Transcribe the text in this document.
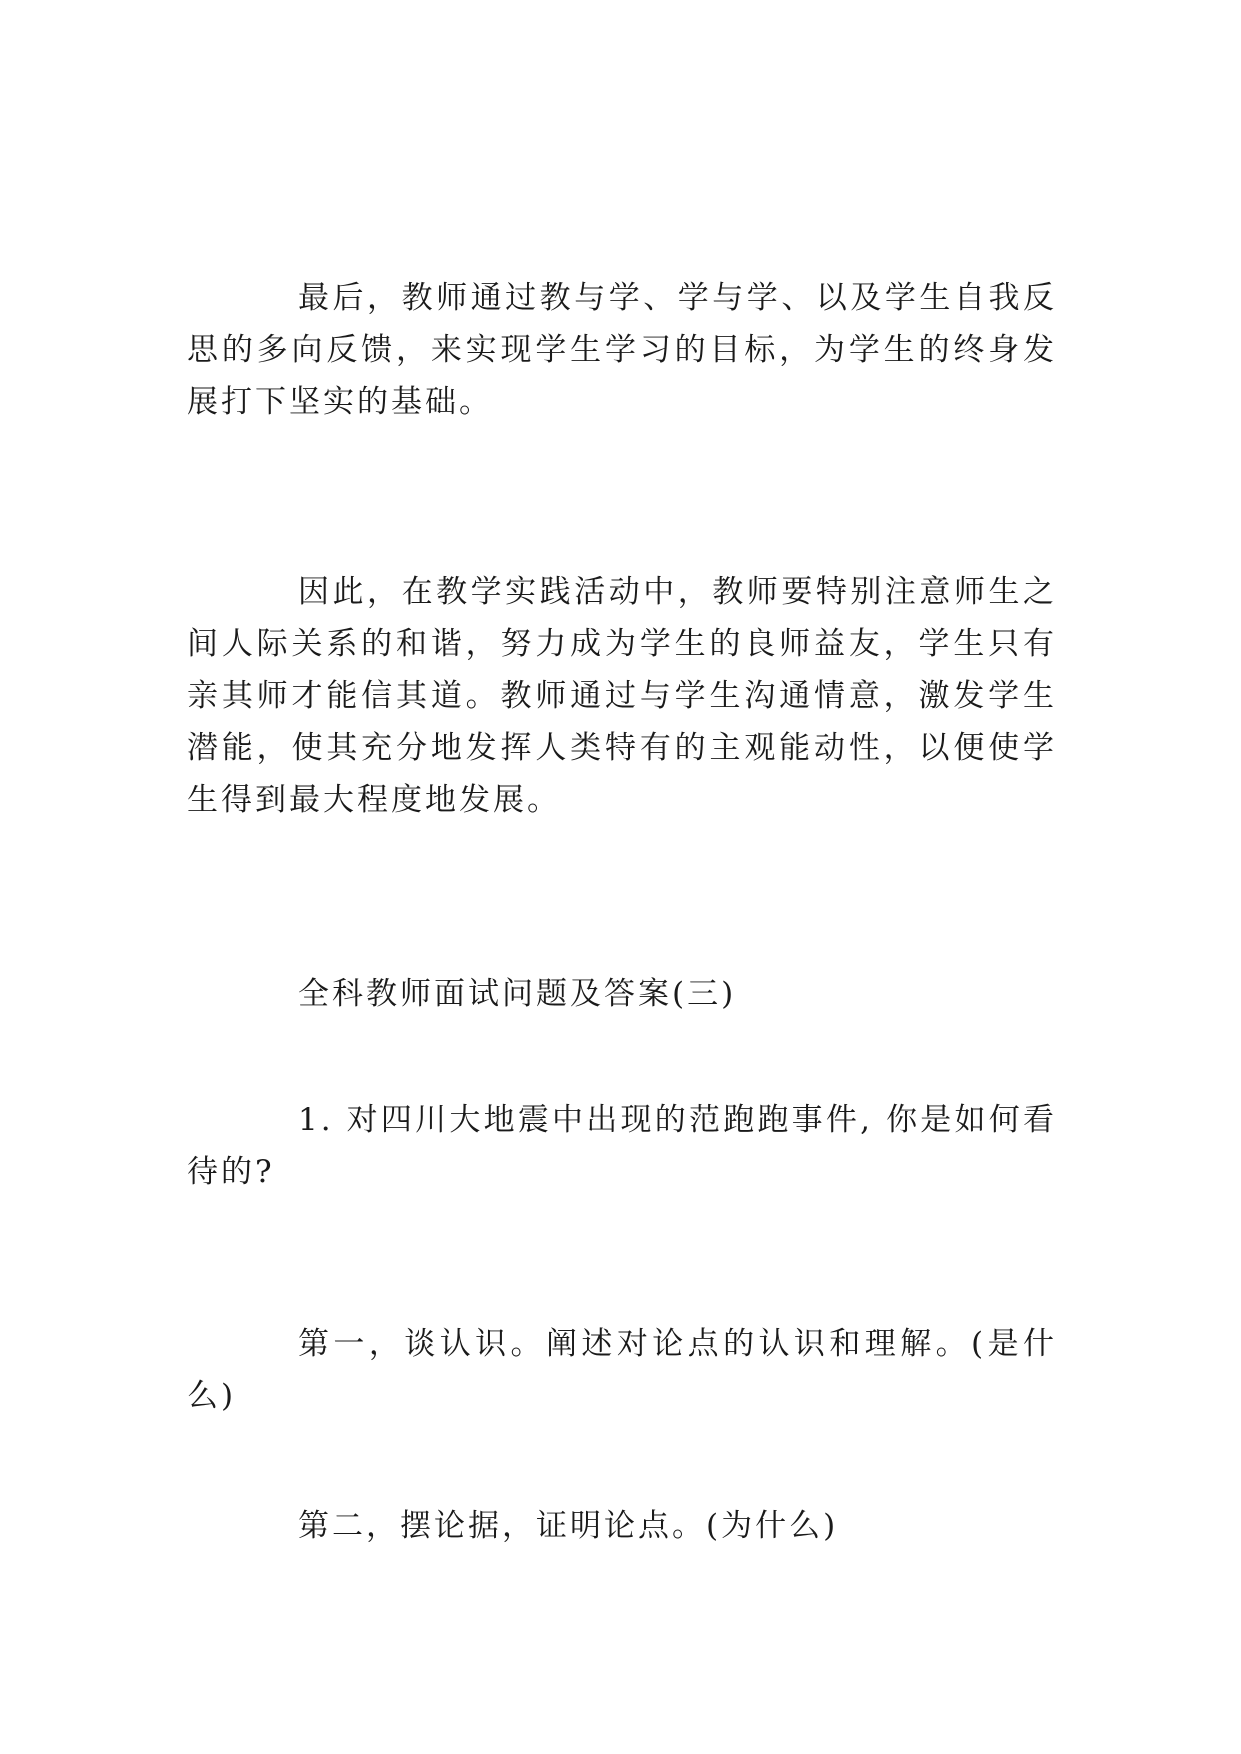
最后，教师通过教与学、学与学、以及学生自我反思的多向反馈，来实现学生学习的目标，为学生的终身发展打下坚实的基础。

因此，在教学实践活动中，教师要特别注意师生之间人际关系的和谐，努力成为学生的良师益友，学生只有亲其师才能信其道。教师通过与学生沟通情意，激发学生潜能，使其充分地发挥人类特有的主观能动性，以便使学生得到最大程度地发展。

全科教师面试问题及答案(三)

1. 对四川大地震中出现的范跑跑事件, 你是如何看待的?

第一，谈认识。阐述对论点的认识和理解。(是什么)

第二，摆论据，证明论点。(为什么)
